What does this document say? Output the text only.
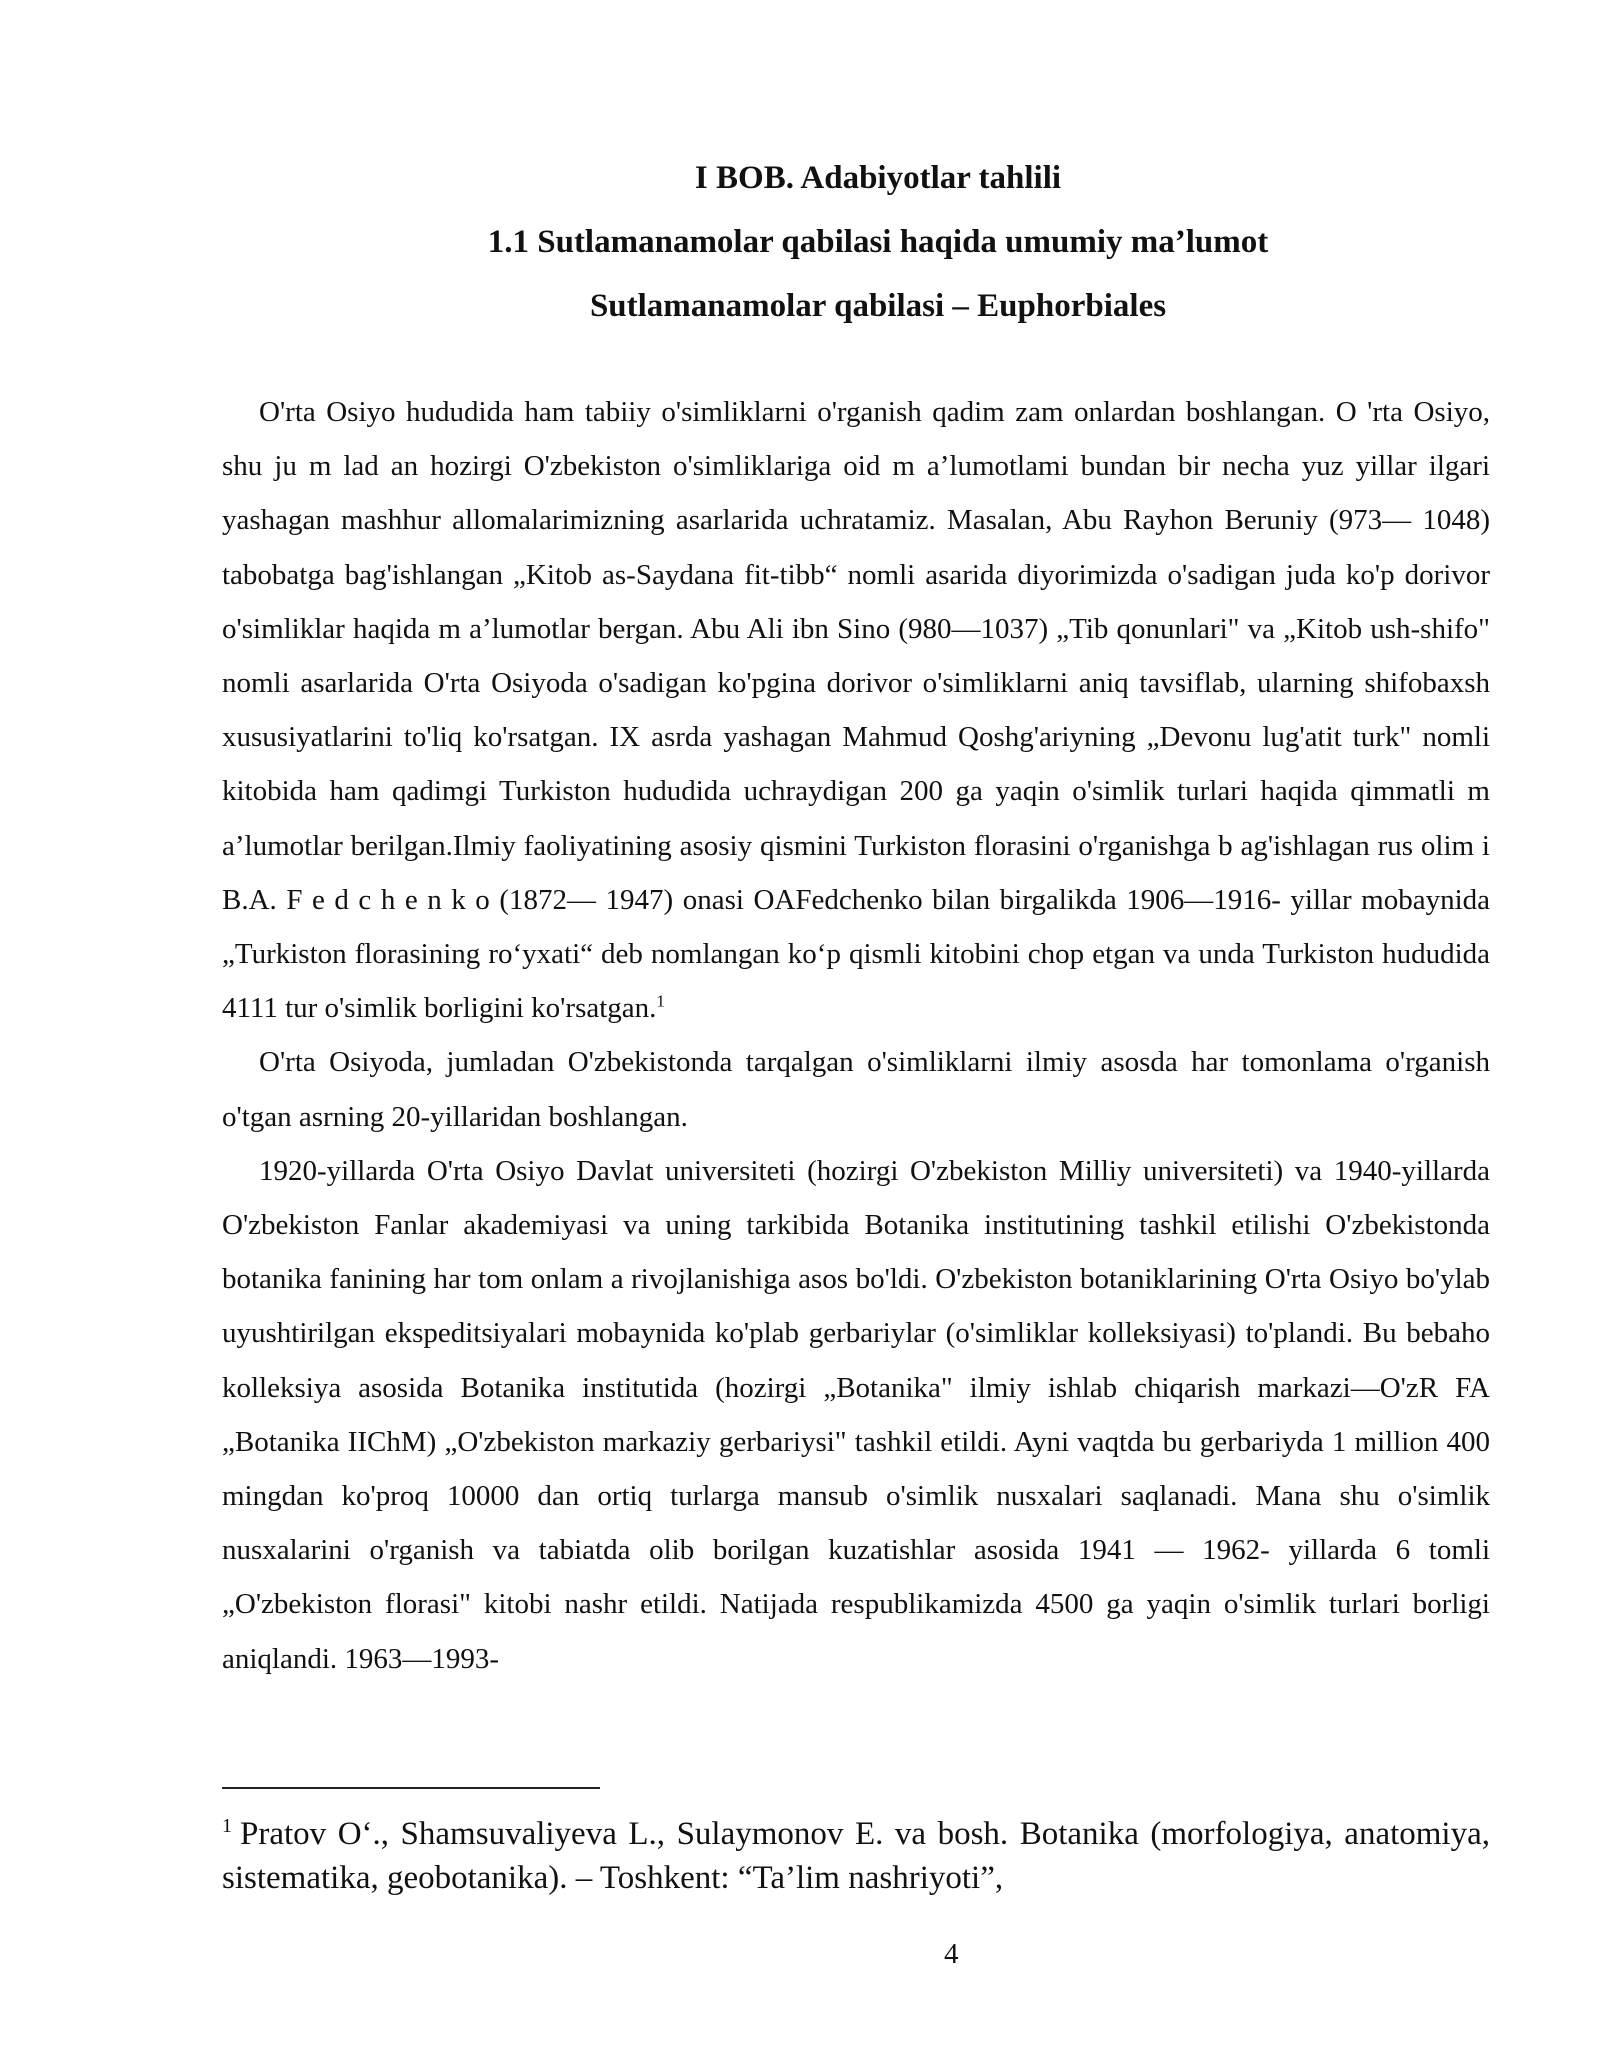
I BOB. Adabiyotlar tahlili
1.1 Sutlamanamolar qabilasi haqida umumiy ma’lumot
Sutlamanamolar qabilasi – Euphorbiales

O'rta Osiyo hududida ham tabiiy o'simliklarni o'rganish qadim zam onlardan boshlangan. O 'rta Osiyo, shu ju m lad an hozirgi O'zbekiston o'simliklariga oid m a’lumotlami bundan bir necha yuz yillar ilgari yashagan mashhur allomalarimizning asarlarida uchratamiz. Masalan, Abu Rayhon Beruniy (973— 1048) tabobatga bag'ishlangan „Kitob as-Saydana fit-tibb“ nomli asarida diyorimizda o'sadigan juda ko'p dorivor o'simliklar haqida m a’lumotlar bergan. Abu Ali ibn Sino (980—1037) „Tib qonunlari" va „Kitob ush-shifo" nomli asarlarida O'rta Osiyoda o'sadigan ko'pgina dorivor o'simliklarni aniq tavsiflab, ularning shifobaxsh xususiyatlarini to'liq ko'rsatgan. IX asrda yashagan Mahmud Qoshg'ariyning „Devonu lug'atit turk" nomli kitobida ham qadimgi Turkiston hududida uchraydigan 200 ga yaqin o'simlik turlari haqida qimmatli m a’lumotlar berilgan.Ilmiy faoliyatining asosiy qismini Turkiston florasini o'rganishga b ag'ishlagan rus olim i B.A. F e d c h e n k o (1872— 1947) onasi OAFedchenko bilan birgalikda 1906—1916- yillar mobaynida „Turkiston florasining ro‘yxati“ deb nomlangan ko‘p qismli kitobini chop etgan va unda Turkiston hududida 4111 tur o'simlik borligini ko'rsatgan.$^1$

O'rta Osiyoda, jumladan O'zbekistonda tarqalgan o'simliklarni ilmiy asosda har tomonlama o'rganish o'tgan asrning 20-yillaridan boshlangan.

1920-yillarda O'rta Osiyo Davlat universiteti (hozirgi O'zbekiston Milliy universiteti) va 1940-yillarda O'zbekiston Fanlar akademiyasi va uning tarkibida Botanika institutining tashkil etilishi O'zbekistonda botanika fanining har tom onlam a rivojlanishiga asos bo'ldi. O'zbekiston botaniklarining O'rta Osiyo bo'ylab uyushtirilgan ekspeditsiyalari mobaynida ko'plab gerbariylar (o'simliklar kolleksiyasi) to'plandi. Bu bebaho kolleksiya asosida Botanika institutida (hozirgi „Botanika" ilmiy ishlab chiqarish markazi—O'zR FA „Botanika IIChM) „O'zbekiston markaziy gerbariysi" tashkil etildi. Ayni vaqtda bu gerbariyda 1 million 400 mingdan ko'proq 10000 dan ortiq turlarga mansub o'simlik nusxalari saqlanadi. Mana shu o'simlik nusxalarini o'rganish va tabiatda olib borilgan kuzatishlar asosida 1941 — 1962- yillarda 6 tomli „O'zbekiston florasi" kitobi nashr etildi. Natijada respublikamizda 4500 ga yaqin o'simlik turlari borligi aniqlandi. 1963—1993-

$^1$ Pratov O‘., Shamsuvaliyeva L., Sulaymonov E. va bosh. Botanika (morfologiya, anatomiya, sistematika, geobotanika). – Toshkent: “Ta’lim nashriyoti”,
4
